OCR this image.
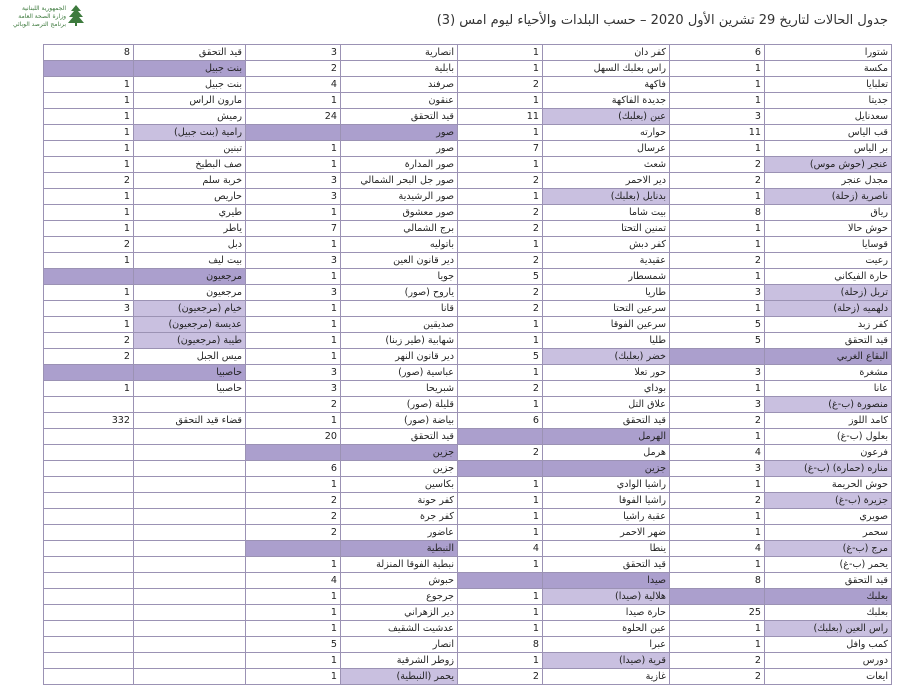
الجمهورية اللبنانية
وزارة الصحة العامة
برنامج الترصد الوبائي	جدول الحالات لتاريخ 29 تشرين الأول 2020 – حسب البلدات والأحياء ليوم امس (3)
8	قيد التحقق	3	انصارية	1	كفر دان	6	شتورا
	بنت جبيل	2	بابلية	1	راس بعلبك السهل	1	مكسة
1	بنت جبيل	4	صرفند	2	فاكهة	1	تعلبايا
1	مارون الراس	1	عنقون	1	جديدة الفاكهة	1	جديتا
1	رميش	24	قيد التحقق	11	عين (بعلبك)	3	سعدنايل
1	رامية (بنت جبيل)		صور	1	حوارته	11	قب الياس
1	تبنين	1	صور	7	عرسال	1	بر الياس
1	صف البطيخ	1	صور المدارة	1	شعث	2	عنجر (حوش موس)
2	خربة سلم	3	صور جل البحر الشمالي	2	دير الاحمر	2	مجدل عنجر
1	حاريص	3	صور الرشيدية	1	بدنايل (بعلبك)	1	ناصرية (زحلة)
1	طيري	1	صور معشوق	2	بيت شاما	8	رياق
1	ياطر	7	برج الشمالي	2	تمنين التحتا	1	حوش حالا
2	دبل	1	باتوليه	1	كفر دبش	1	قوسايا
1	بيت ليف	3	دير قانون العين	2	عقيدية	2	رعيت
	مرجعيون	1	جويا	5	شمسطار	1	حارة الفيكاني
1	مرجعيون	3	ياروح (صور)	2	طاريا	3	تربل (زحلة)
3	خيام (مرجعيون)	1	قانا	2	سرعين التحتا	1	دلهميه (زحلة)
1	عديسة (مرجعيون)	1	صديقين	1	سرعين الفوقا	5	كفر زبد
2	طيبة (مرجعيون)	1	شهابية (طير زبنا)	1	طليا	5	قيد التحقق
2	ميس الجبل	1	دير قانون النهر	5	خضر (بعلبك)		البقاع الغربي
	حاصبيا	3	عباسية (صور)	1	حور تعلا	3	مشغرة
1	حاصبيا	3	شبريحا	2	بوداي	1	عانا
		2	قليلة (صور)	1	علاق التل	3	منصورة (ب-غ)
332	قضاء قيد التحقق	1	بياضة (صور)	6	قيد التحقق	2	كامد اللوز
		20	قيد التحقق		الهرمل	1	بعلول (ب-غ)
			جزين	2	هرمل	4	فرعون
		6	جزين		جزين	3	مناره (حمارة) (ب-غ)
		1	بكاسين	1	راشيا الوادي	1	حوش الحريمة
		2	كفر حونة	1	راشيا الفوقا	2	جزيرة (ب-غ)
		2	كفر جرة	1	عقبة راشيا	1	صويري
		2	عاضور	1	ضهر الاحمر	1	سحمر
			النبطية	4	ينطا	4	مرج (ب-غ)
		1	نبطية الفوقا المنزلة	1	قيد التحقق	1	يحمر (ب-غ)
		4	حبوش		صيدا	8	قيد التحقق
		1	جرجوع	1	هلالية (صيدا)		بعلبك
		1	دير الزهراني	1	حارة صيدا	25	بعلبك
		1	عدشيت الشقيف	1	عين الحلوة	1	راس العين (بعلبك)
		5	انصار	8	عبرا	1	كمب وافل
		1	زوطر الشرقية	1	قرية (صيدا)	2	دورس
		1	يحمر (النبطية)	2	غازية	2	ايعات
